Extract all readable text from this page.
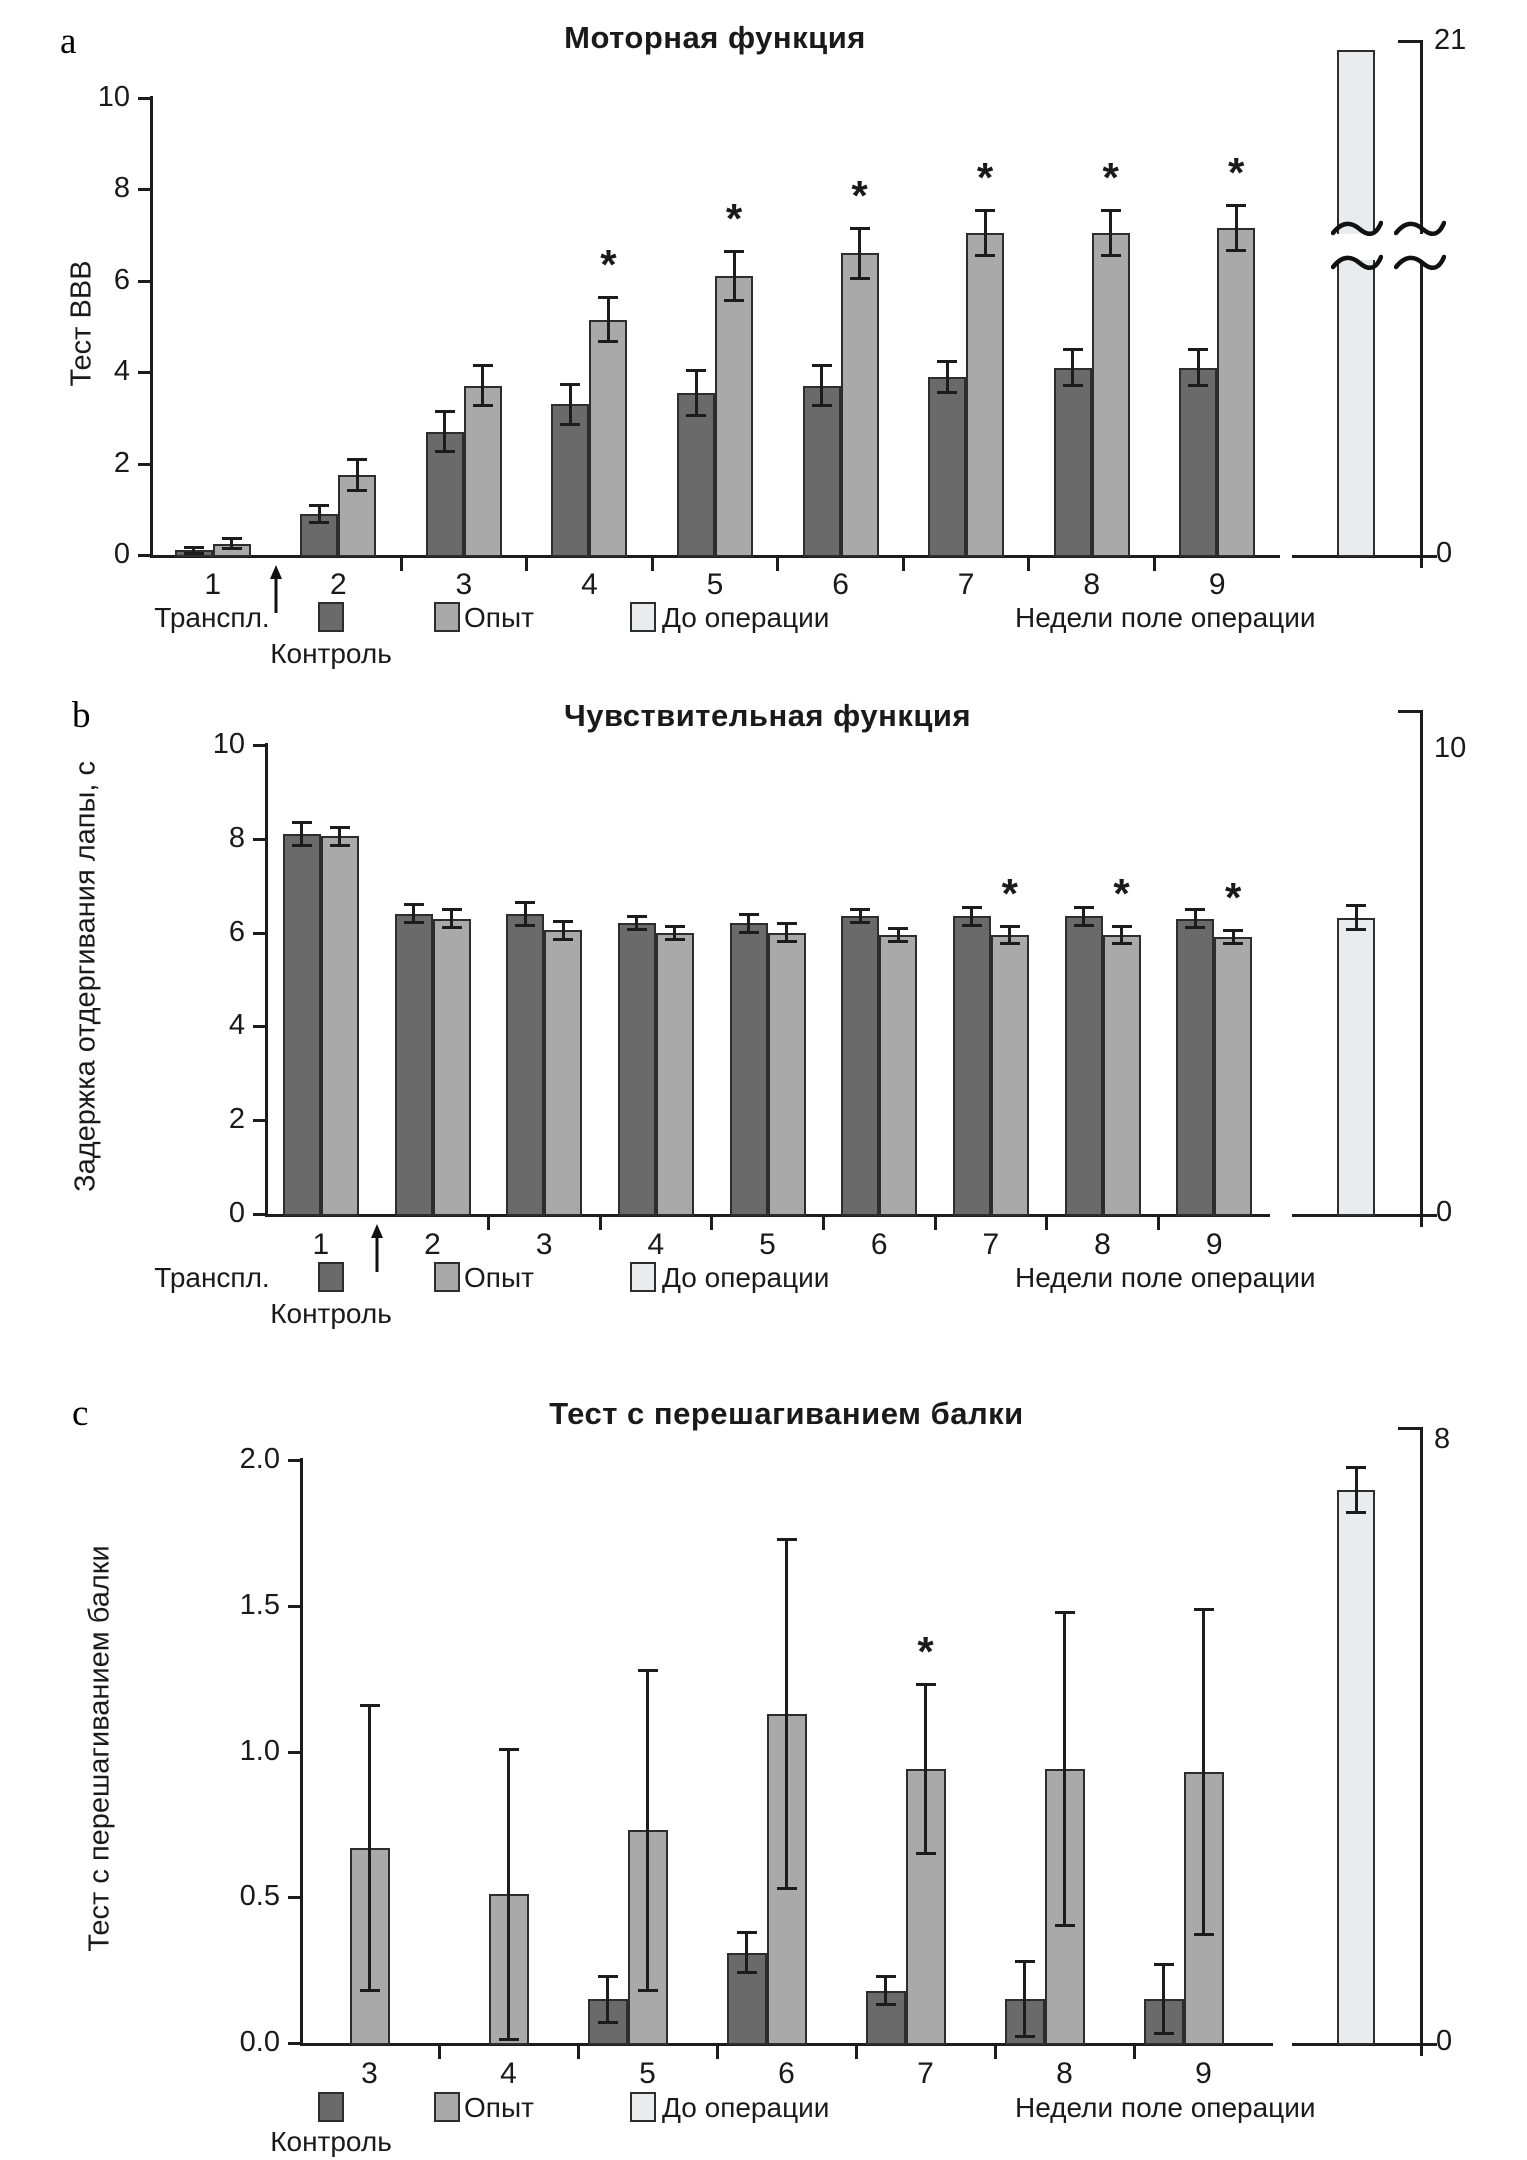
a	Моторная функция
Тест BBB
0
2
4
6
8
10
1	2	3	4
*
5
*
6
*
7
*
8
*
9
*
Транспл.
Контроль
Опыт	До операции	Недели поле операции
21
0
b	Чувствительная функция
Задержка отдергивания лапы, с
0
2
4
6
8
10
1	2	3	4	5	6	7
*
8
*
9
*
Транспл.
Контроль
Опыт	До операции	Недели поле операции
10
0
c	Тест с перешагиванием балки
Тест с перешагиванием балки
0.0
0.5
1.0
1.5
2.0
3	4	5	6	7
*
8	9
Контроль
Опыт	До операции	Недели поле операции
8
0
